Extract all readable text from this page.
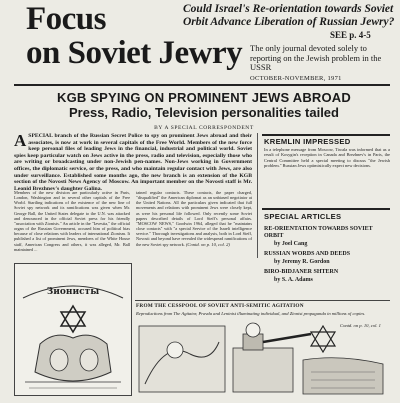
Focus
on Soviet Jewry
Could Israel's Re-orientation towards Soviet Orbit Advance Liberation of Russian Jewry?
SEE p. 4-5
The only journal devoted solely to reporting on the Jewish problem in the USSR
OCTOBER-NOVEMBER, 1971
KGB SPYING ON PROMINENT JEWS ABROAD
Press, Radio, Television personalities tailed
BY A SPECIAL CORRESPONDENT
A SPECIAL branch of the Russian Secret Police to spy on prominent Jews abroad and their associates, is now at work in several capitals of the Free World. Members of the new force keep personal files of leading Jews in the financial, industrial and political world. Soviet spies keep particular watch on Jews active in the press, radio and television, especially those who are writing or broadcasting under non-Jewish pen-names. Non-Jews working in Government offices, the diplomatic service, or the press, and who maintain regular contact with Jews, are also under surveillance. Established some months ago, the new branch is an extension of the KGB section of the Novosti News Agency of Moscow. An important member on the Novosti staff is Mr. Leonid Brezhnev's daughter Galina.
Members of the new division are particularly active in Paris, London, Washington and in several other capitals of the Free World. Startling indications of the existence of the new line of Soviet spy network and its ramifications was given when Mr. George Ball, the United States delegate to the U.N. was attacked and denounced in the official Soviet press for his friendly "association with Zionists." An article in the "Izvestia," the official organ of the Russian Government, accused him of political bias because of close relations with leaders of international Zionism. It published a list of prominent Jews, members of the White House staff, American Congress and others, it was alleged, Mr. Ball maintained ...
tained regular contacts. These contacts, the paper charged, "disqualified" the American diplomat as an unbiased negotiator at the United Nations. All the particulars given indicated that full movements and relations with prominent Jews were closely kept, as were his personal life followed. Only recently some Soviet papers described details of Lord Sieff's personal affairs. "MOSCOW NEWS," Goodwin 1964, alleged that he "maintains close contacts" with "a special Service of the Israeli intelligence service." Thorough investigations and analysis, both in Lord Sieff, Novosti and beyond have revealed the widespread ramifications of the new Soviet spy network. (Contd. on p. 10, col. 2)
KREMLIN IMPRESSED
In a telephone message from Moscow, Tiwala was informed that as a result of Kosygin's reception in Canada and Brezhnev's in Paris, the Central Committee held a special meeting to discuss "the Jewish problem." Russian Jews optimistically expect new decisions.
SPECIAL ARTICLES
RE-ORIENTATION TOWARDS SOVIET ORBIT
by Joel Cang
RUSSIAN WORDS AND DEEDS
by Jeremy R. Gordon
BIRO-BIDJANER SHTERN
by S. A. Adams
Зионисты
FROM THE CESSPOOL OF SOVIET ANTI-SEMITIC AGITATION
Reproductions from The Agitator, Pravda and Leninist illuminating individual, and Zionist propaganda in millions of copies.
Contd. on p. 10, col. 1
